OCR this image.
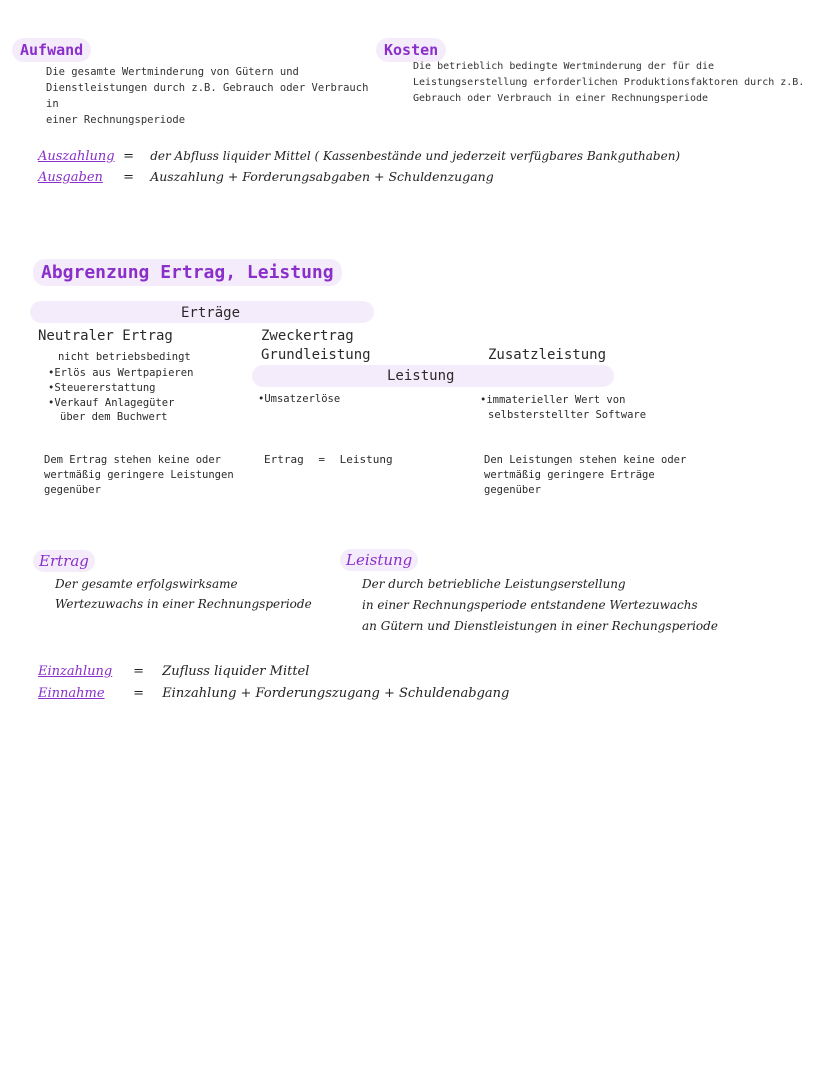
Aufwand
Die gesamte Wertminderung von Gütern und
Dienstleistungen durch z.B. Gebrauch oder Verbrauch in
einer Rechnungsperiode
Kosten
Die betrieblich bedingte Wertminderung der für die
Leistungserstellung erforderlichen Produktionsfaktoren durch z.B.
Gebrauch oder Verbrauch in einer Rechnungsperiode
Auszahlung = der Abfluss liquider Mittel ( Kassenbestände und jederzeit verfügbares Bankguthaben)
Ausgaben = Auszahlung + Forderungsabgaben + Schuldenzugang
Abgrenzung Ertrag, Leistung
Erträge
Neutraler Ertrag
nicht betriebsbedingt
• Erlös aus Wertpapieren
• Steuererstattung
• Verkauf Anlagegüter
über dem Buchwert
Zweckertrag
Grundleistung
Leistung
•Umsatzerlöse
Zusatzleistung
•immaterieller Wert von
selbsterstellter Software
Dem Ertrag stehen keine oder
wertmäßig geringere Leistungen
gegenüber
Ertrag = Leistung	Den Leistungen stehen keine oder
wertmäßig geringere Erträge
gegenüber
Ertrag
Der gesamte erfolgswirksame
Wertezuwachs in einer Rechnungsperiode
Leistung
Der durch betriebliche Leistungserstellung
in einer Rechnungsperiode entstandene Wertezuwachs
an Gütern und Dienstleistungen in einer Rechungsperiode
Einzahlung = Zufluss liquider Mittel
Einnahme = Einzahlung + Forderungszugang + Schuldenabgang
